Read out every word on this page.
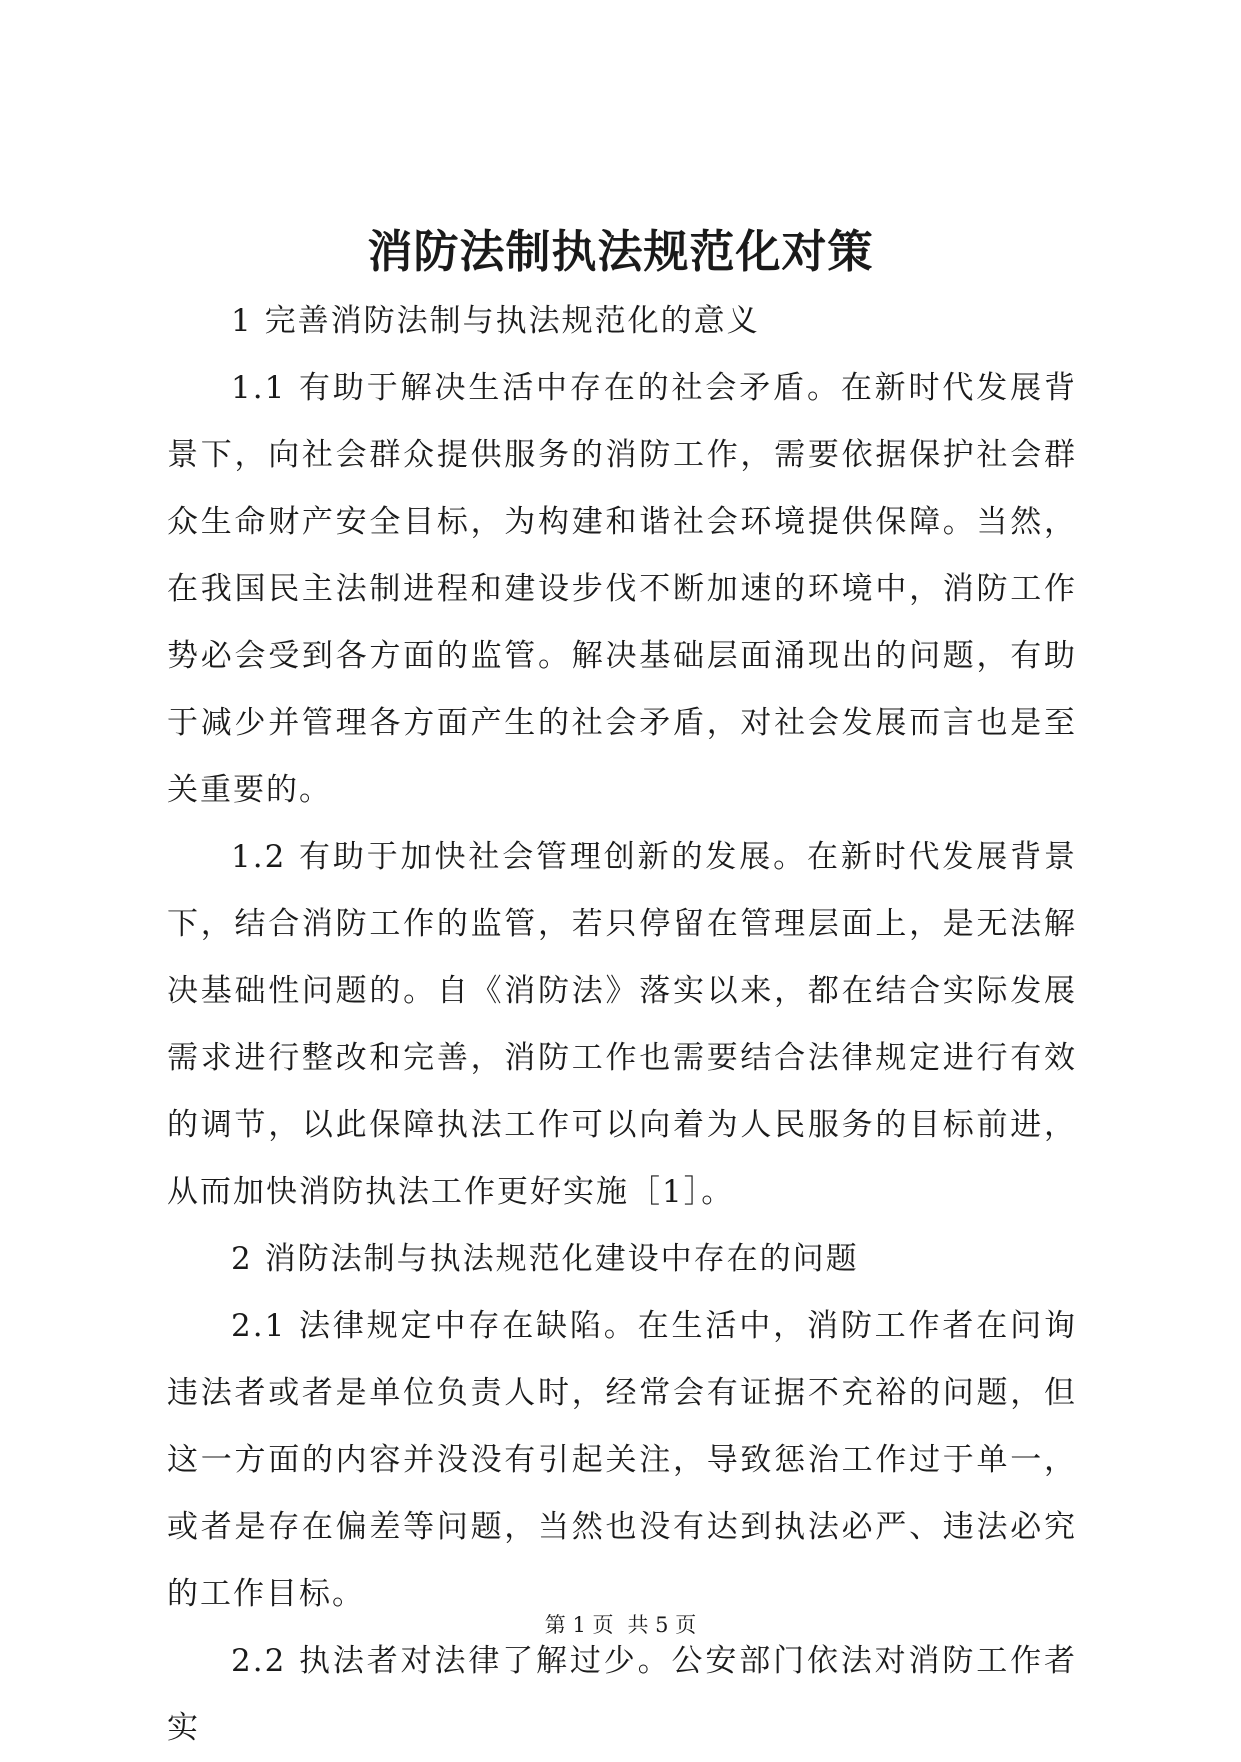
消防法制执法规范化对策

1 完善消防法制与执法规范化的意义

1.1 有助于解决生活中存在的社会矛盾。在新时代发展背景下，向社会群众提供服务的消防工作，需要依据保护社会群众生命财产安全目标，为构建和谐社会环境提供保障。当然，在我国民主法制进程和建设步伐不断加速的环境中，消防工作势必会受到各方面的监管。解决基础层面涌现出的问题，有助于减少并管理各方面产生的社会矛盾，对社会发展而言也是至关重要的。

1.2 有助于加快社会管理创新的发展。在新时代发展背景下，结合消防工作的监管，若只停留在管理层面上，是无法解决基础性问题的。自《消防法》落实以来，都在结合实际发展需求进行整改和完善，消防工作也需要结合法律规定进行有效的调节，以此保障执法工作可以向着为人民服务的目标前进，从而加快消防执法工作更好实施［1］。

2 消防法制与执法规范化建设中存在的问题

2.1 法律规定中存在缺陷。在生活中，消防工作者在问询违法者或者是单位负责人时，经常会有证据不充裕的问题，但这一方面的内容并没没有引起关注，导致惩治工作过于单一，或者是存在偏差等问题，当然也没有达到执法必严、违法必究的工作目标。

2.2 执法者对法律了解过少。公安部门依法对消防工作者实

第 1 页 共 5 页
